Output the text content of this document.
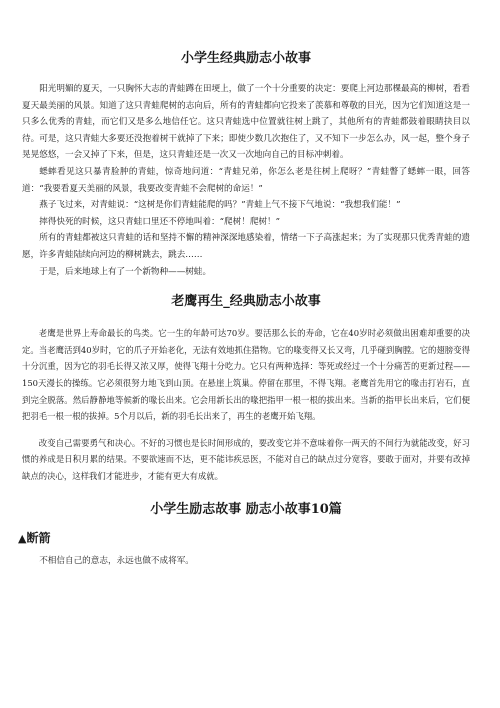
小学生经典励志小故事

阳光明媚的夏天，一只胸怀大志的青蛙蹲在田埂上，做了一个十分重要的决定：要爬上河边那棵最高的柳树，看看夏天最美丽的风景。知道了这只青蛙爬树的志向后，所有的青蛙都向它投来了羡慕和尊敬的目光，因为它们知道这是一只多么优秀的青蛙，而它们又是多么地信任它。这只青蛙选中位置就往树上跳了，其他所有的青蛙都鼓着眼睛抉目以待。可是，这只青蛙大多要还没抱着树干就掉了下来；即使少数几次抱住了，又不知下一步怎么办，风一起，整个身子晃晃悠悠，一会又掉了下来，但是，这只青蛙还是一次又一次地向自己的目标冲刺着。

蟋蟀看见这只暴青脸肿的青蛙，惊奇地问道：“青蛙兄弟，你怎么老是往树上爬呀？”青蛙瞥了蟋蟀一眼，回答道：“我要看夏天美丽的风景，我要改变青蛙不会爬树的命运！”

燕子飞过来，对青蛙说：“这树是你们青蛙能爬的吗？”青蛙上气不接下气地说：“我想我们能！”

摔得快死的时候，这只青蛙口里还不停地叫着：“爬树！爬树！”

所有的青蛙都被这只青蛙的话和坚持不懈的精神深深地感染着，情绪一下子高涨起来；为了实现那只优秀青蛙的遗愿，许多青蛙陆续向河边的柳树跳去，跳去……

于是，后来地球上有了一个新物种——树蛙。

老鹰再生_经典励志小故事

老鹰是世界上寿命最长的鸟类。它一生的年龄可达70岁。要活那么长的寿命，它在40岁时必须做出困难却重要的决定。当老鹰活到40岁时，它的爪子开始老化，无法有效地抓住猎物。它的喙变得又长又弯，几乎碰到胸膛。它的翅膀变得十分沉重，因为它的羽毛长得又浓又厚，使得飞翔十分吃力。它只有两种选择：等死或经过一个十分痛苦的更新过程——150天漫长的操练。它必须很努力地飞到山顶。在悬崖上筑巢。停留在那里，不得飞翔。老鹰首先用它的喙击打岩石，直到完全脱落。然后静静地等候新的喙长出来。它会用新长出的喙把指甲一根一根的拔出来。当新的指甲长出来后，它们便把羽毛一根一根的拔掉。5个月以后，新的羽毛长出来了，再生的老鹰开始飞翔。

改变自己需要勇气和决心。不好的习惯也是长时间形成的，要改变它并不意味着你一两天的不间行为就能改变，好习惯的养成是日积月累的结果。不要欲速而不达，更不能讳疾忌医，不能对自己的缺点过分宽容，要敢于面对，并要有改掉缺点的决心，这样我们才能进步，才能有更大有成就。

小学生励志故事 励志小故事10篇
▲断箭

不相信自己的意志，永远也做不成将军。
